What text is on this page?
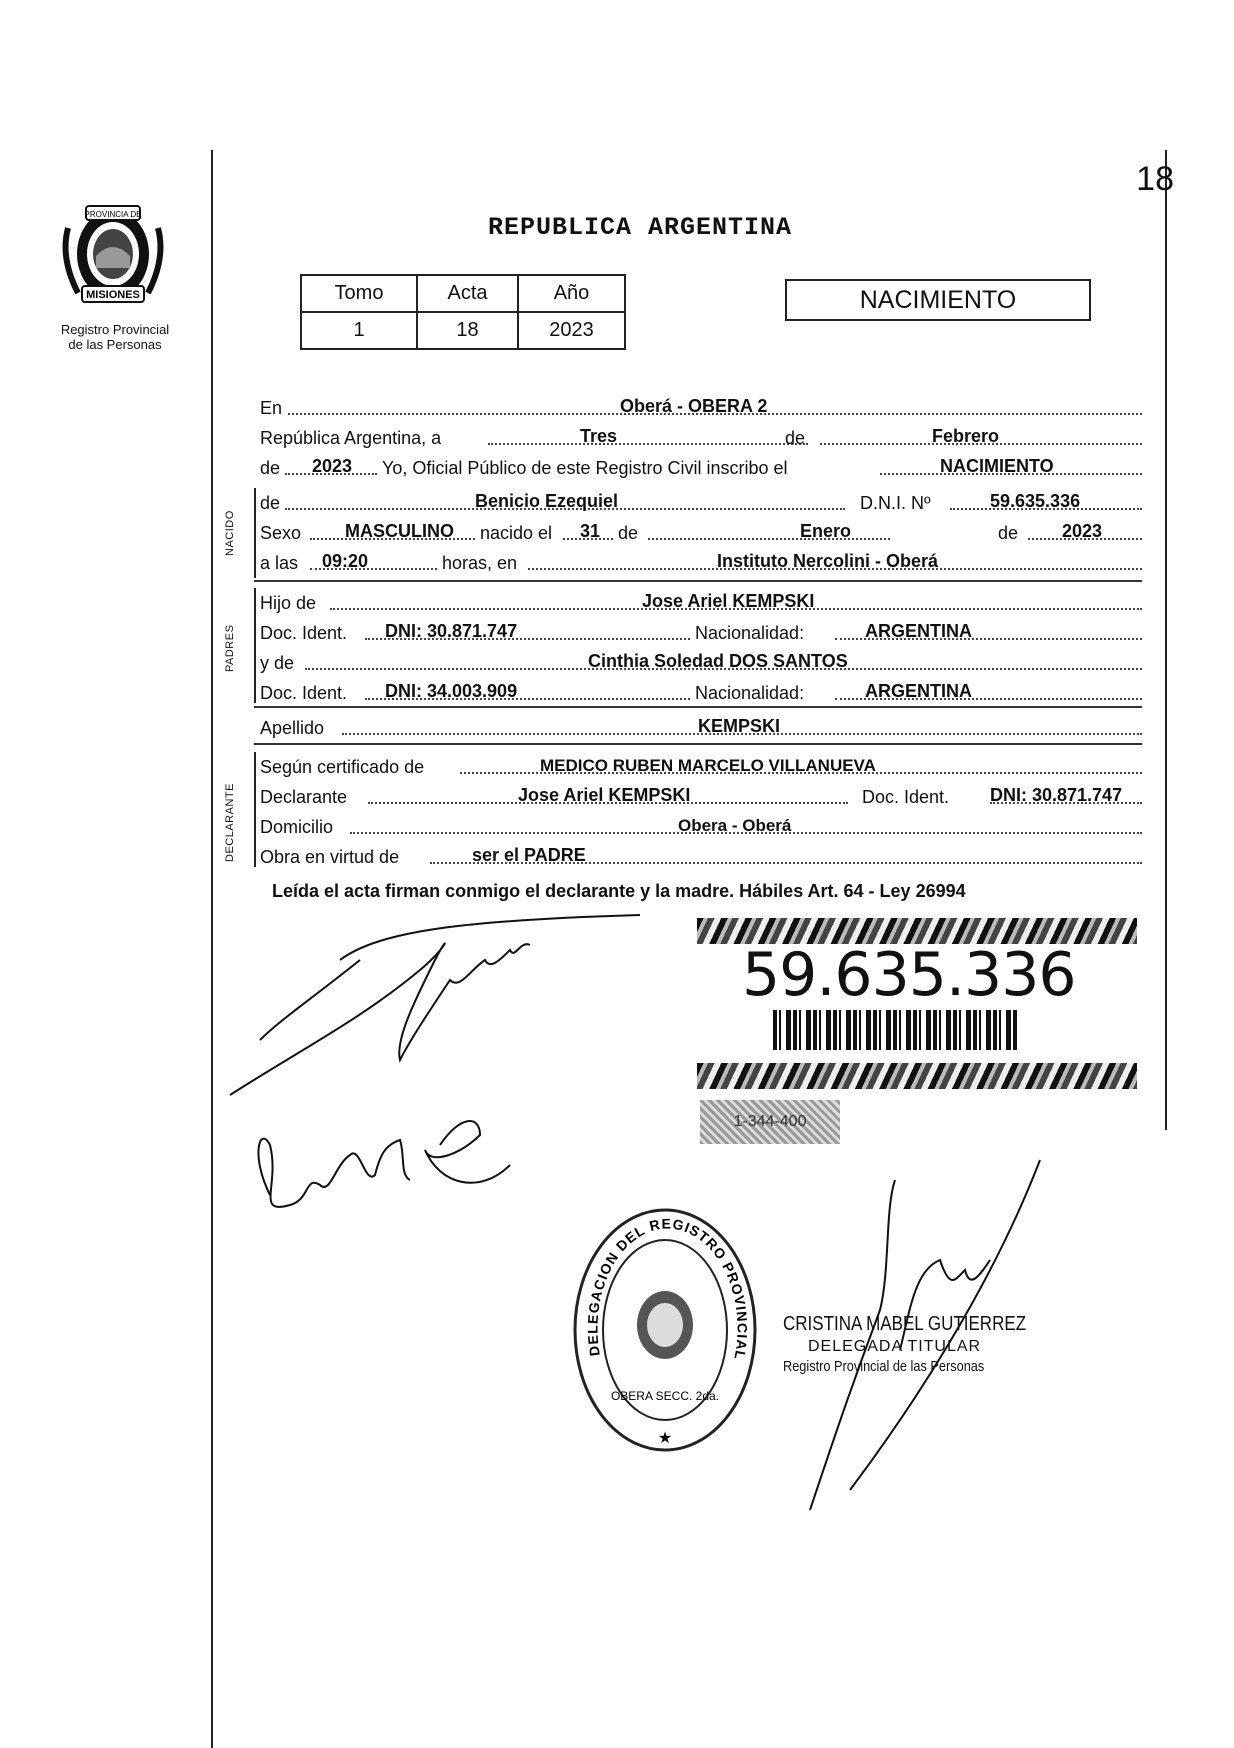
PROVINCIA DE
MISIONES
Registro Provincial
de las Personas
18
REPUBLICA ARGENTINA
Tomo	Acta	Año
1	18	2023
NACIMIENTO
En	Oberá - OBERA 2
República Argentina, a	Tres	de	Febrero
de 2023 Yo, Oficial Público de este Registro Civil inscribo el	NACIMIENTO
NACIDO
de	Benicio Ezequiel	D.N.I. Nº	59.635.336
Sexo MASCULINO nacido el 31 de	Enero	de 2023
a las 09:20	horas, en	Instituto Nercolini - Oberá
PADRES
Hijo de	Jose Ariel KEMPSKI
Doc. Ident. DNI: 30.871.747	Nacionalidad:	ARGENTINA
y de	Cinthia Soledad DOS SANTOS
Doc. Ident. DNI: 34.003.909	Nacionalidad:	ARGENTINA
Apellido	KEMPSKI
DECLARANTE
Según certificado de	MEDICO RUBEN MARCELO VILLANUEVA
Declarante	Jose Ariel KEMPSKI	Doc. Ident. DNI: 30.871.747
Domicilio	Obera - Oberá
Obra en virtud de	ser el PADRE
Leída el acta firman conmigo el declarante y la madre. Hábiles Art. 64 - Ley 26994
59.635.336
1-344-400
DELEGACION DEL REGISTRO PROVINCIAL DE LAS PERSONAS
OBERA SECC. 2da.
★
CRISTINA MABEL GUTIERREZ
DELEGADA TITULAR
Registro Provincial de las Personas
